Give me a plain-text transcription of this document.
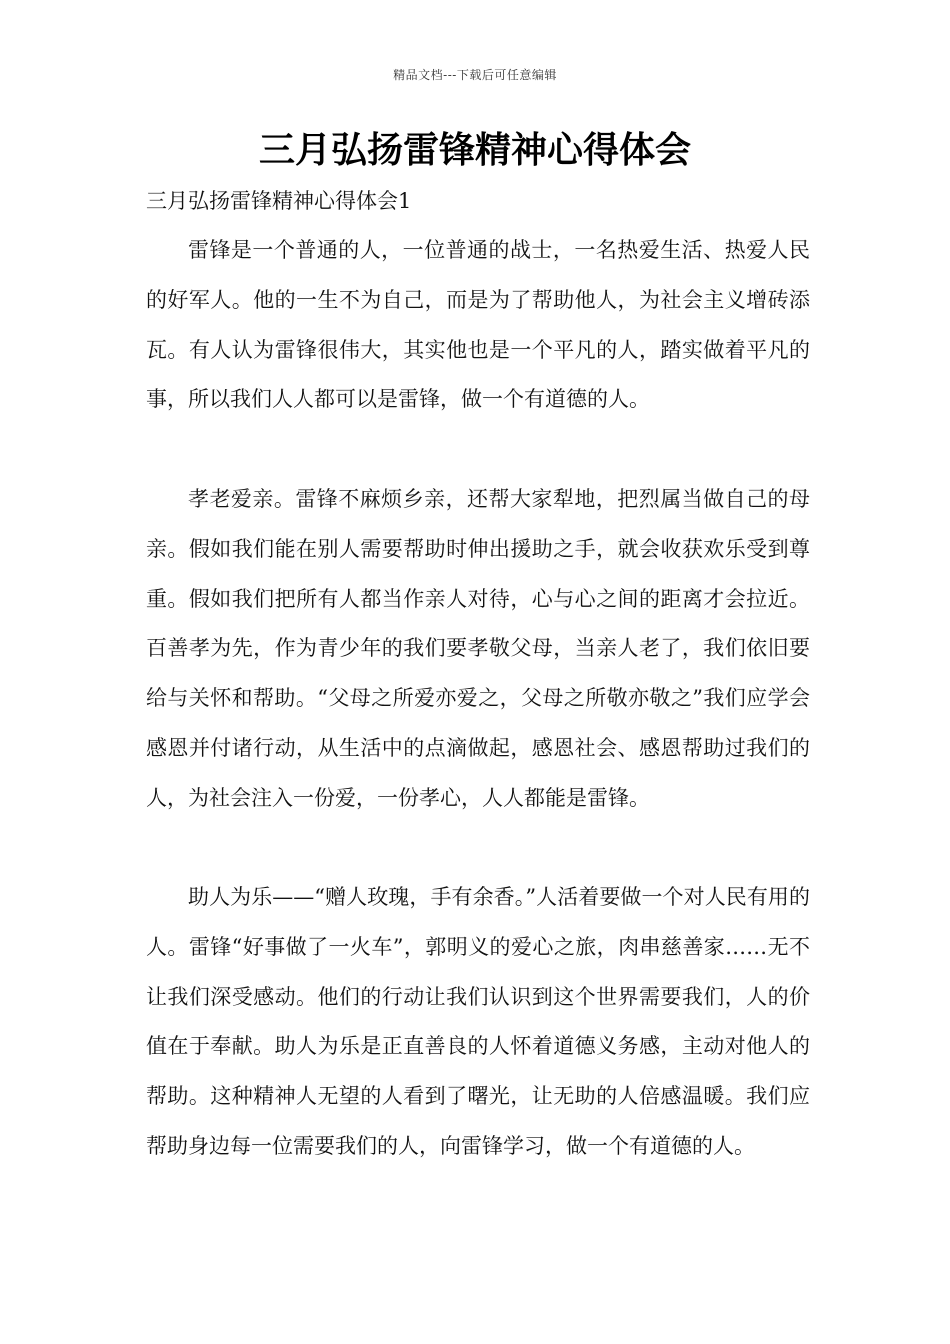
精品文档---下载后可任意编辑
三月弘扬雷锋精神心得体会

三月弘扬雷锋精神心得体会1

雷锋是一个普通的人，一位普通的战士，一名热爱生活、热爱人民的好军人。他的一生不为自己，而是为了帮助他人，为社会主义增砖添瓦。有人认为雷锋很伟大，其实他也是一个平凡的人，踏实做着平凡的事，所以我们人人都可以是雷锋，做一个有道德的人。

孝老爱亲。雷锋不麻烦乡亲，还帮大家犁地，把烈属当做自己的母亲。假如我们能在别人需要帮助时伸出援助之手，就会收获欢乐受到尊重。假如我们把所有人都当作亲人对待，心与心之间的距离才会拉近。百善孝为先，作为青少年的我们要孝敬父母，当亲人老了，我们依旧要给与关怀和帮助。“父母之所爱亦爱之，父母之所敬亦敬之”我们应学会感恩并付诸行动，从生活中的点滴做起，感恩社会、感恩帮助过我们的人，为社会注入一份爱，一份孝心，人人都能是雷锋。

助人为乐——“赠人玫瑰，手有余香。”人活着要做一个对人民有用的人。雷锋“好事做了一火车”，郭明义的爱心之旅，肉串慈善家……无不让我们深受感动。他们的行动让我们认识到这个世界需要我们，人的价值在于奉献。助人为乐是正直善良的人怀着道德义务感，主动对他人的帮助。这种精神人无望的人看到了曙光，让无助的人倍感温暖。我们应帮助身边每一位需要我们的人，向雷锋学习，做一个有道德的人。
